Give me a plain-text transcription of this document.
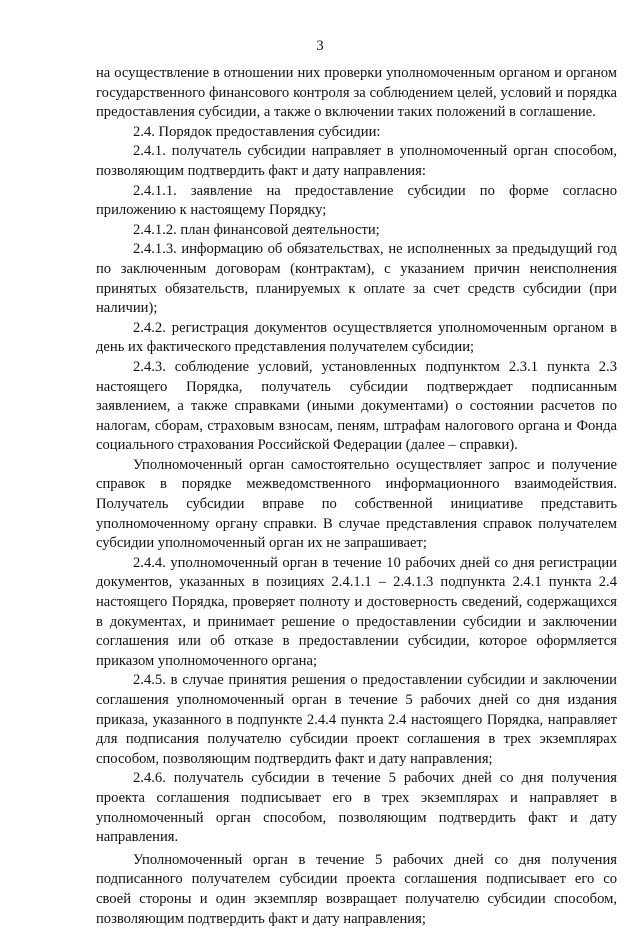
3

на осуществление в отношении них проверки уполномоченным органом и органом государственного финансового контроля за соблюдением целей, условий и порядка предоставления субсидии, а также о включении таких положений в соглашение.

2.4. Порядок предоставления субсидии:

2.4.1. получатель субсидии направляет в уполномоченный орган способом, позволяющим подтвердить факт и дату направления:

2.4.1.1. заявление на предоставление субсидии по форме согласно приложению к настоящему Порядку;

2.4.1.2. план финансовой деятельности;

2.4.1.3. информацию об обязательствах, не исполненных за предыдущий год по заключенным договорам (контрактам), с указанием причин неисполнения принятых обязательств, планируемых к оплате за счет средств субсидии (при наличии);

2.4.2. регистрация документов осуществляется уполномоченным органом в день их фактического представления получателем субсидии;

2.4.3. соблюдение условий, установленных подпунктом 2.3.1 пункта 2.3 настоящего Порядка, получатель субсидии подтверждает подписанным заявлением, а также справками (иными документами) о состоянии расчетов по налогам, сборам, страховым взносам, пеням, штрафам налогового органа и Фонда социального страхования Российской Федерации (далее – справки).

Уполномоченный орган самостоятельно осуществляет запрос и получение справок в порядке межведомственного информационного взаимодействия. Получатель субсидии вправе по собственной инициативе представить уполномоченному органу справки. В случае представления справок получателем субсидии уполномоченный орган их не запрашивает;

2.4.4. уполномоченный орган в течение 10 рабочих дней со дня регистрации документов, указанных в позициях 2.4.1.1 – 2.4.1.3 подпункта 2.4.1 пункта 2.4 настоящего Порядка, проверяет полноту и достоверность сведений, содержащихся в документах, и принимает решение о предоставлении субсидии и заключении соглашения или об отказе в предоставлении субсидии, которое оформляется приказом уполномоченного органа;

2.4.5. в случае принятия решения о предоставлении субсидии и заключении соглашения уполномоченный орган в течение 5 рабочих дней со дня издания приказа, указанного в подпункте 2.4.4 пункта 2.4 настоящего Порядка, направляет для подписания получателю субсидии проект соглашения в трех экземплярах способом, позволяющим подтвердить факт и дату направления;

2.4.6. получатель субсидии в течение 5 рабочих дней со дня получения проекта соглашения подписывает его в трех экземплярах и направляет в уполномоченный орган способом, позволяющим подтвердить факт и дату направления.

Уполномоченный орган в течение 5 рабочих дней со дня получения подписанного получателем субсидии проекта соглашения подписывает его со своей стороны и один экземпляр возвращает получателю субсидии способом, позволяющим подтвердить факт и дату направления;
